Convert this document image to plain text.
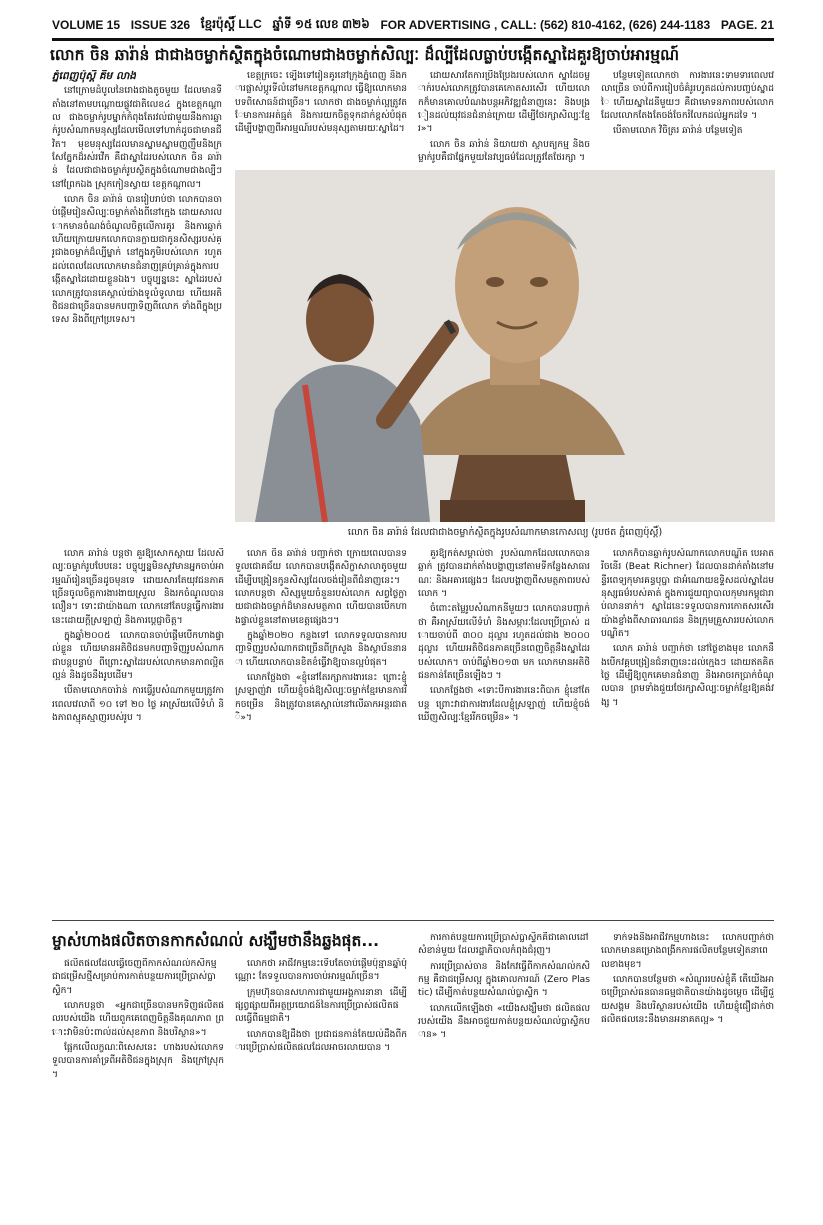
VOLUME 15 ISSUE 326 ខ្មែរប៉ុស្តិ៍ LLC ឆ្នាំទី ១៥ លេខ ៣២៦ FOR ADVERTISING , CALL: (562) 810-4162, (626) 244-1183 PAGE. 21
លោក ចិន ឆារ៉ាន់ ជាជាងចម្លាក់ស្ថិតក្នុងចំណោមជាងចម្លាក់សិល្បៈ ដ៏ល្បីដែលធ្លាប់បង្កើតស្នាដៃគួរឱ្យចាប់អារម្មណ៍
ភ្នំពេញប៉ុស្តិ៍ គីម លាង

នៅក្រោមដំបូលនៃរោងជាងតូចមួយ ដែលមានទីតាំងនៅតាមបណ្ដោយផ្លូវជាតិលេខ៤ ក្នុងខេត្តកណ្ដាល ជាងចម្លាក់រូបម្នាក់កំពុងតែរវល់ជាមួយនឹងការឆ្លាក់រូបសំណាកមនុស្សដែលមើលទៅហាក់ដូចជាមានជីវិត។ មុខមនុស្សដែលមានស្នាមស្នាមញញឹមនិងក្រសែភ្នែកដ៏រស់រវើក គឺជាស្នាដៃរបស់លោក ចិន ឆារ៉ាន់ ដែលជាជាងចម្លាក់រូបស្ថិតក្នុងចំណោមជាងល្បីៗ នៅព្រែកឯង ស្រុកកៀនស្វាយ ខេត្តកណ្ដាល។

លោក ចិន ឆារ៉ាន់ បានរៀបរាប់ថា លោកបានចាប់ផ្ដើមរៀនសិល្បៈចម្លាក់តាំងពីនៅក្មេង ដោយសារលោកមានចំណង់ចំណូលចិត្តលើការគូរ និងការឆ្លាក់ ហើយក្រោយមកលោកបានក្លាយជាកូនសិស្សរបស់គ្រូជាងចម្លាក់ដ៏ល្បីម្នាក់ នៅក្នុងភូមិរបស់លោក រហូតដល់ពេលដែលលោកមានជំនាញគ្រប់គ្រាន់ក្នុងការបង្កើតស្នាដៃដោយខ្លួនឯង។ បច្ចុប្បន្ននេះ ស្នាដៃរបស់លោកត្រូវបានគេស្គាល់យ៉ាងទូលំទូលាយ ហើយអតិថិជនជាច្រើនបានមកបញ្ជាទិញពីលោក ទាំងពីក្នុងប្រទេស និងពីក្រៅប្រទេស។

ខេត្តក្រចេះ ទ្បើងទៅរៀនគូរនៅក្រុងភ្នំពេញ និងការផ្លាស់ប្តូរទីលំនៅមកខេត្តកណ្ដាល ធ្វើឱ្យលោកមានបទពិសោធន៍ជាច្រើន។ លោកថា ជាងចម្លាក់ល្អត្រូវតែមានការអត់ធ្មត់ និងការយកចិត្តទុកដាក់ខ្ពស់បំផុត ដើម្បីបង្ហាញពីអារម្មណ៍របស់មនុស្សតាមរយៈស្នាដៃ។

ដោយសារតែការប្រឹងប្រែងរបស់លោក ស្នាដៃចម្លាក់របស់លោកត្រូវបានគេកោតសរសើរ ហើយលោកក៏មានគោលបំណងបន្តអភិវឌ្ឍជំនាញនេះ និងបង្រៀនដល់យុវជនជំនាន់ក្រោយ ដើម្បីថែរក្សាសិល្បៈខ្មែរ»។

លោក ចិន ឆារ៉ាន់ និយាយថា ស្ថាបត្យកម្ម និងចម្លាក់រូបគឺជាផ្នែកមួយនៃវប្បធម៌ដែលត្រូវតែថែរក្សា ។

បន្ថែមទៀតលោកថា ការងារនេះទាមទារពេលវេលាច្រើន ចាប់ពីការរៀបចំគំរូរហូតដល់ការបញ្ចប់ស្នាដៃ ហើយស្នាដៃនីមួយៗ គឺជាមោទនភាពរបស់លោក ដែលលោកតែងតែចង់ចែករំលែកដល់អ្នកដទៃ ។

បើតាមលោក វិចិត្ររ ឆារ៉ាន់ បន្ថែមទៀត

លោក ចិន ឆារ៉ាន់ ដែលជាជាងចម្លាក់ស្ថិតក្នុងរូបសំណាកមានកោសល្យ (រូបថត ភ្នំពេញប៉ុស្តិ៍)

លោក ឆារ៉ាន់ បន្តថា គួរឱ្យសោកស្ដាយ ដែលសិល្បៈចម្លាក់រូបបែបនេះ បច្ចុប្បន្នមិនសូវមានអ្នកចាប់អារម្មណ៍រៀនច្រើនដូចមុនទេ ដោយសារតែយុវជនភាគច្រើនចូលចិត្តការងារងាយស្រួល និងរកចំណូលបានលឿន។ ទោះជាយ៉ាងណា លោកនៅតែបន្តធ្វើការងារនេះដោយក្ដីស្រឡាញ់ និងការប្ដេជ្ញាចិត្ត។

ក្នុងឆ្នាំ២០០៥ លោកបានចាប់ផ្ដើមបើកហាងផ្ទាល់ខ្លួន ហើយមានអតិថិជនមកបញ្ជាទិញរូបសំណាកជាបន្តបន្ទាប់ ពីព្រោះស្នាដៃរបស់លោកមានភាពល្អិតល្អន់ និងដូចនឹងរូបដើម។

បើតាមលោកចារ៉ាន់ ការធ្វើរូបសំណាកមួយត្រូវការពេលវេលាពី ១០ ទៅ ២០ ថ្ងៃ អាស្រ័យលើទំហំ និងភាពស្មុគស្មាញរបស់រូប ។

លោក ចិន ឆារ៉ាន់ បញ្ជាក់ថា ក្រោយពេលបានទទួលជោគជ័យ លោកបានបង្កើតសិក្ខាសាលាតូចមួយ ដើម្បីបង្រៀនកូនសិស្សដែលចង់រៀនពីជំនាញនេះ។ លោកបន្តថា សិស្សមួយចំនួនរបស់លោក សព្វថ្ងៃក្លាយជាជាងចម្លាក់ដ៏មានសមត្ថភាព ហើយបានបើកហាងផ្ទាល់ខ្លួននៅតាមខេត្តផ្សេងៗ។

ក្នុងឆ្នាំ២០២០ កន្លងទៅ លោកទទួលបានការបញ្ជាទិញរូបសំណាកជាច្រើនពីក្រសួង និងស្ថាប័ននានា ហើយលោកបានខិតខំធ្វើវាឱ្យបានល្អបំផុត។

លោកថ្លែងថា «ខ្ញុំនៅតែរក្សាការងារនេះ ព្រោះខ្ញុំស្រឡាញ់វា ហើយខ្ញុំចង់ឱ្យសិល្បៈចម្លាក់ខ្មែរមានការរីកចម្រើន និងត្រូវបានគេស្គាល់នៅលើឆាកអន្តរជាតិ»។

គួរឱ្យកត់សម្គាល់ថា រូបសំណាកដែលលោកបានឆ្លាក់ ត្រូវបានដាក់តាំងបង្ហាញនៅតាមទីកន្លែងសាធារណៈ និងអគារផ្សេងៗ ដែលបង្ហាញពីសមត្ថភាពរបស់លោក ។

ចំពោះតម្លៃរូបសំណាកនីមួយៗ លោកបានបញ្ជាក់ថា គឺអាស្រ័យលើទំហំ និងសម្ភារៈដែលប្រើប្រាស់ ដោយចាប់ពី ៣០០ ដុល្លារ រហូតដល់ជាង ២០០០ ដុល្លារ ហើយអតិថិជនភាគច្រើនពេញចិត្តនឹងស្នាដៃរបស់លោក។ ចាប់ពីឆ្នាំ២០១៣ មក លោកមានអតិថិជនកាន់តែច្រើនឡើងៗ ។

លោកថ្លែងថា «ទោះបីការងារនេះពិបាក ខ្ញុំនៅតែបន្ត ព្រោះវាជាការងារដែលខ្ញុំស្រឡាញ់ ហើយខ្ញុំចង់ឃើញសិល្បៈខ្មែររីកចម្រើន» ។

លោកក៏បានឆ្លាក់រូបសំណាកលោកបណ្ឌិត បេអាត រីចនើរ (Beat Richner) ដែលបានដាក់តាំងនៅមន្ទីរពេទ្យកុមារគន្ធបុប្ផា ជាអំណោយឧទ្ទិសដល់ស្នាដៃមនុស្សធម៌របស់គាត់ ក្នុងការជួយព្យាបាលកុមារកម្ពុជារាប់លាននាក់។ ស្នាដៃនេះទទួលបានការកោតសរសើរយ៉ាងខ្លាំងពីសាធារណជន និងក្រុមគ្រួសាររបស់លោកបណ្ឌិត។

លោក ឆារ៉ាន់ បញ្ជាក់ថា នៅថ្ងៃខាងមុខ លោកនឹងបើកវគ្គបង្រៀនជំនាញនេះដល់ក្មេងៗ ដោយឥតគិតថ្លៃ ដើម្បីឱ្យពួកគេមានជំនាញ និងអាចរកប្រាក់ចំណូលបាន ព្រមទាំងជួយថែរក្សាសិល្បៈចម្លាក់ខ្មែរឱ្យគង់វង្ស ។

ម្ចាស់ហាងផលិតចានកាកសំណល់ សង្ឃឹមថានឹងឆ្លងផុត...

ផលិតផលដែលធ្វើចេញពីកាកសំណល់កសិកម្ម ជាជម្រើសថ្មីសម្រាប់ការកាត់បន្ថយការប្រើប្រាស់ប្លាស្ទិក។

លោកបន្តថា «អ្នកជាច្រើនបានមកទិញផលិតផលរបស់យើង ហើយពួកគេពេញចិត្តនឹងគុណភាព ព្រោះវាមិនប៉ះពាល់ដល់សុខភាព និងបរិស្ថាន»។

ផ្អែកលើលក្ខណៈពិសេសនេះ ហាងរបស់លោកទទួលបានការគាំទ្រពីអតិថិជនក្នុងស្រុក និងក្រៅស្រុក ។

លោកថា អាជីវកម្មនេះទើបតែចាប់ផ្ដើមប៉ុន្មានឆ្នាំប៉ុណ្ណោះ តែទទួលបានការចាប់អារម្មណ៍ច្រើន។

ក្រុមហ៊ុនបានសហការជាមួយអង្គការនានា ដើម្បីផ្សព្វផ្សាយពីអត្ថប្រយោជន៍នៃការប្រើប្រាស់ផលិតផលធ្វើពីធម្មជាតិ។

លោកបានឱ្យដឹងថា ប្រជាជនកាន់តែយល់ដឹងពីការប្រើប្រាស់ផលិតផលដែលអាចរលាយបាន ។

ការកាត់បន្ថយការប្រើប្រាស់ប្លាស្ទិកគឺជាគោលដៅសំខាន់មួយ ដែលរដ្ឋាភិបាលកំពុងជំរុញ។

ការប្រើប្រាស់ចាន និងកែវធ្វើពីកាកសំណល់កសិកម្ម គឺជាជម្រើសល្អ ក្នុងគោលការណ៍ (Zero Plastic) ដើម្បីកាត់បន្ថយសំណល់ប្លាស្ទិក ។

លោកលើកឡើងថា «យើងសង្ឃឹមថា ផលិតផលរបស់យើង នឹងអាចជួយកាត់បន្ថយសំណល់ប្លាស្ទិកបាន» ។

ទាក់ទងនឹងអាជីវកម្មហាងនេះ លោកបញ្ជាក់ថា លោកមានគម្រោងពង្រីកការផលិតបន្ថែមទៀតនាពេលខាងមុខ។

លោកបានបន្ថែមថា «សំណួររបស់ខ្ញុំគឺ តើយើងអាចប្រើប្រាស់ធនធានធម្មជាតិបានយ៉ាងដូចម្ដេច ដើម្បីជួយសង្គម និងបរិស្ថានរបស់យើង ហើយខ្ញុំជឿជាក់ថា ផលិតផលនេះនឹងមានអនាគតល្អ» ។
